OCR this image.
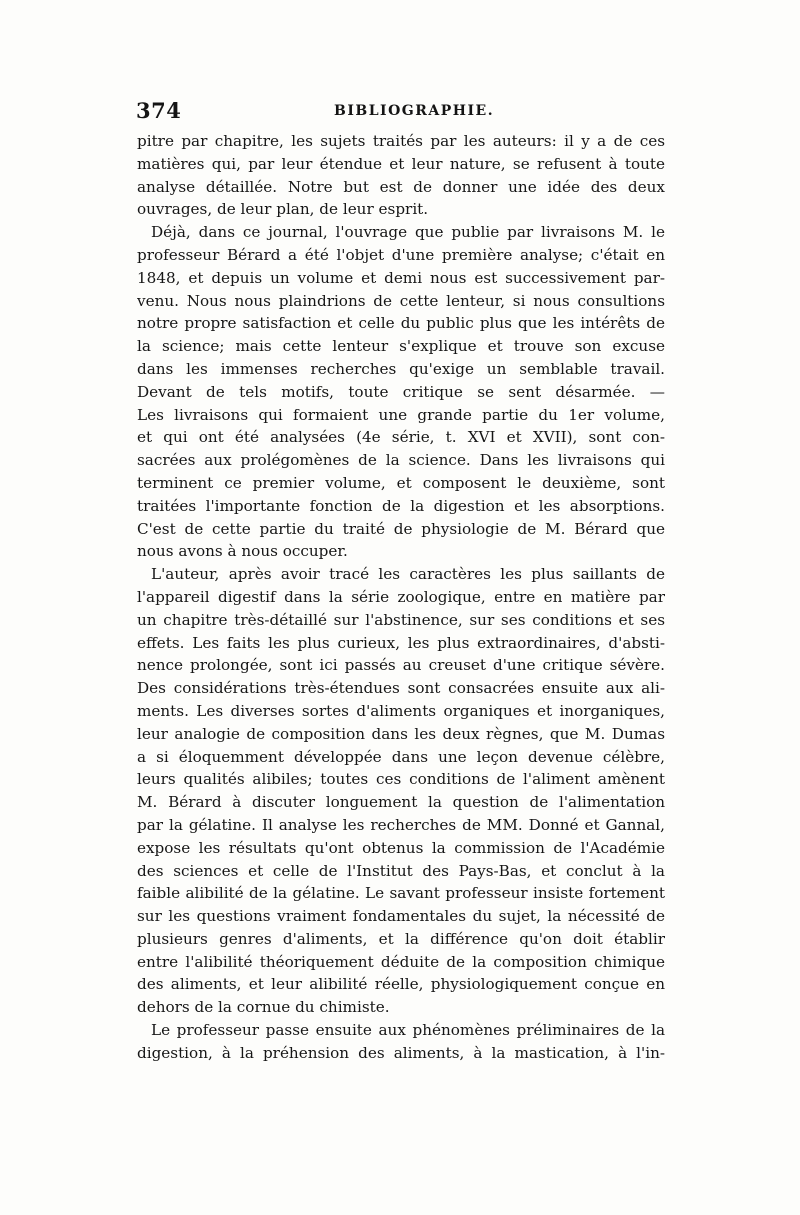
374	BIBLIOGRAPHIE.
pitre par chapitre, les sujets traités par les auteurs: il y a de ces
matières qui, par leur étendue et leur nature, se refusent à toute
analyse détaillée. Notre but est de donner une idée des deux
ouvrages, de leur plan, de leur esprit.
Déjà, dans ce journal, l'ouvrage que publie par livraisons M. le
professeur Bérard a été l'objet d'une première analyse; c'était en
1848, et depuis un volume et demi nous est successivement par-
venu. Nous nous plaindrions de cette lenteur, si nous consultions
notre propre satisfaction et celle du public plus que les intérêts de
la science; mais cette lenteur s'explique et trouve son excuse
dans les immenses recherches qu'exige un semblable travail.
Devant de tels motifs, toute critique se sent désarmée. —
Les livraisons qui formaient une grande partie du 1er volume,
et qui ont été analysées (4e série, t. XVI et XVII), sont con-
sacrées aux prolégomènes de la science. Dans les livraisons qui
terminent ce premier volume, et composent le deuxième, sont
traitées l'importante fonction de la digestion et les absorptions.
C'est de cette partie du traité de physiologie de M. Bérard que
nous avons à nous occuper.
L'auteur, après avoir tracé les caractères les plus saillants de
l'appareil digestif dans la série zoologique, entre en matière par
un chapitre très-détaillé sur l'abstinence, sur ses conditions et ses
effets. Les faits les plus curieux, les plus extraordinaires, d'absti-
nence prolongée, sont ici passés au creuset d'une critique sévère.
Des considérations très-étendues sont consacrées ensuite aux ali-
ments. Les diverses sortes d'aliments organiques et inorganiques,
leur analogie de composition dans les deux règnes, que M. Dumas
a si éloquemment développée dans une leçon devenue célèbre,
leurs qualités alibiles; toutes ces conditions de l'aliment amènent
M. Bérard à discuter longuement la question de l'alimentation
par la gélatine. Il analyse les recherches de MM. Donné et Gannal,
expose les résultats qu'ont obtenus la commission de l'Académie
des sciences et celle de l'Institut des Pays-Bas, et conclut à la
faible alibilité de la gélatine. Le savant professeur insiste fortement
sur les questions vraiment fondamentales du sujet, la nécessité de
plusieurs genres d'aliments, et la différence qu'on doit établir
entre l'alibilité théoriquement déduite de la composition chimique
des aliments, et leur alibilité réelle, physiologiquement conçue en
dehors de la cornue du chimiste.
Le professeur passe ensuite aux phénomènes préliminaires de la
digestion, à la préhension des aliments, à la mastication, à l'in-
